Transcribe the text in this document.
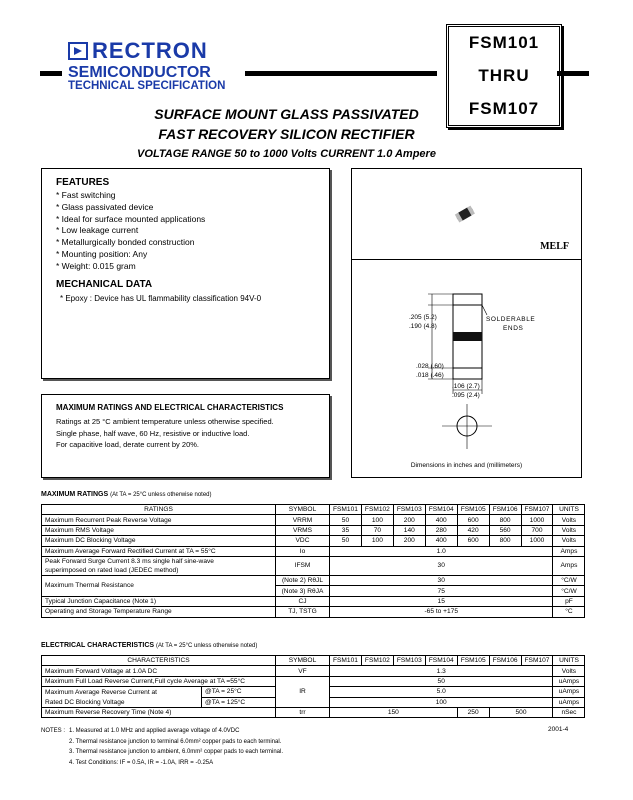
RECTRON
SEMICONDUCTOR
TECHNICAL SPECIFICATION
FSM101
THRU
FSM107
SURFACE MOUNT GLASS PASSIVATED
FAST RECOVERY SILICON RECTIFIER
VOLTAGE RANGE 50 to 1000 Volts CURRENT 1.0 Ampere
FEATURES
* Fast switching
* Glass passivated device
* Ideal for surface mounted applications
* Low leakage current
* Metallurgically bonded construction
* Mounting position: Any
* Weight: 0.015 gram
MECHANICAL DATA
* Epoxy : Device has UL flammability classification 94V-0
MAXIMUM RATINGS AND ELECTRICAL CHARACTERISTICS
Ratings at 25 °C ambient temperature unless otherwise specified.
Single phase, half wave, 60 Hz, resistive or inductive load.
For capacitive load, derate current by 20%.
MELF
.205 (5.2)
.190 (4.8)
SOLDERABLE
ENDS
.028 (.60)
.018 (.46)
.106 (2.7)
.095 (2.4)
Dimensions in inches and (millimeters)
MAXIMUM RATINGS (At TA = 25°C unless otherwise noted)
RATINGS	SYMBOL	FSM101	FSM102	FSM103	FSM104	FSM105	FSM106	FSM107	UNITS
Maximum Recurrent Peak Reverse Voltage	VRRM	50	100	200	400	600	800	1000	Volts
Maximum RMS Voltage	VRMS	35	70	140	280	420	560	700	Volts
Maximum DC Blocking Voltage	VDC	50	100	200	400	600	800	1000	Volts
Maximum Average Forward Rectified Current at TA = 55°C	Io	1.0							Amps

Peak Forward Surge Current 8.3 ms single half sine-wave
superimposed on rated load (JEDEC method)	IFSM	30							Amps
Maximum Thermal Resistance	(Note 2) RθJL	30							°C/W
	(Note 3) RθJA	75							°C/W
Typical Junction Capacitance (Note 1)	CJ	15							pF
Operating and Storage Temperature Range	TJ, TSTG	-65 to +175							°C
ELECTRICAL CHARACTERISTICS (At TA = 25°C unless otherwise noted)
CHARACTERISTICS		SYMBOL	FSM101	FSM102	FSM103	FSM104	FSM105	FSM106	FSM107	UNITS
Maximum Forward Voltage at 1.0A DC		VF	1.3							Volts
Maximum Full Load Reverse Current,Full cycle Average at TA =55°C		IR	50							uAmps
Maximum Average Reverse Current at	@TA = 25°C		5.0							uAmps
Rated DC Blocking Voltage	@TA = 125°C		100							uAmps
Maximum Reverse Recovery Time (Note 4)		trr	150				250	500		nSec
NOTES : 1. Measured at 1.0 MHz and applied average voltage of 4.0VDC
2. Thermal resistance junction to terminal 6.0mm² copper pads to each terminal.
3. Thermal resistance junction to ambient, 6.0mm² copper pads to each terminal.
4. Test Conditions: IF = 0.5A, IR = -1.0A, IRR = -0.25A
2001-4
